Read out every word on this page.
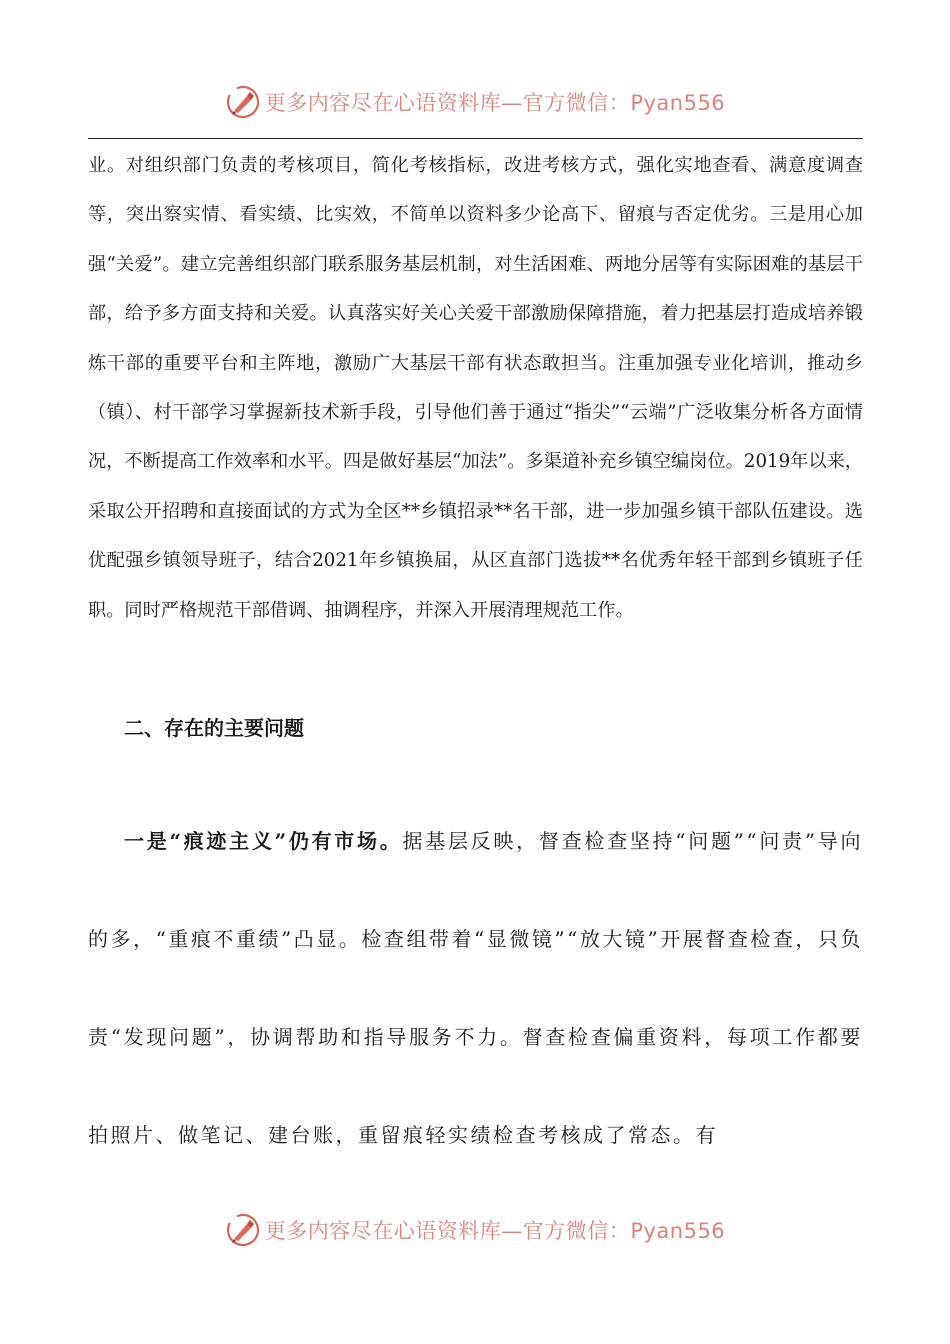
更多内容尽在心语资料库—官方微信：Pyan556

业。对组织部门负责的考核项目，简化考核指标，改进考核方式，强化实地查看、满意度调查等，突出察实情、看实绩、比实效，不简单以资料多少论高下、留痕与否定优劣。三是用心加强“关爱”。建立完善组织部门联系服务基层机制，对生活困难、两地分居等有实际困难的基层干部，给予多方面支持和关爱。认真落实好关心关爱干部激励保障措施，着力把基层打造成培养锻炼干部的重要平台和主阵地，激励广大基层干部有状态敢担当。注重加强专业化培训，推动乡（镇）、村干部学习掌握新技术新手段，引导他们善于通过“指尖”“云端”广泛收集分析各方面情况，不断提高工作效率和水平。四是做好基层“加法”。多渠道补充乡镇空编岗位。2019年以来，采取公开招聘和直接面试的方式为全区**乡镇招录**名干部，进一步加强乡镇干部队伍建设。选优配强乡镇领导班子，结合2021年乡镇换届，从区直部门选拔**名优秀年轻干部到乡镇班子任职。同时严格规范干部借调、抽调程序，并深入开展清理规范工作。

二、存在的主要问题

一是“痕迹主义”仍有市场。据基层反映，督查检查坚持“问题”“问责”导向的多，“重痕不重绩”凸显。检查组带着“显微镜”“放大镜”开展督查检查，只负责“发现问题”，协调帮助和指导服务不力。督查检查偏重资料，每项工作都要拍照片、做笔记、建台账，重留痕轻实绩检查考核成了常态。有

更多内容尽在心语资料库—官方微信：Pyan556
